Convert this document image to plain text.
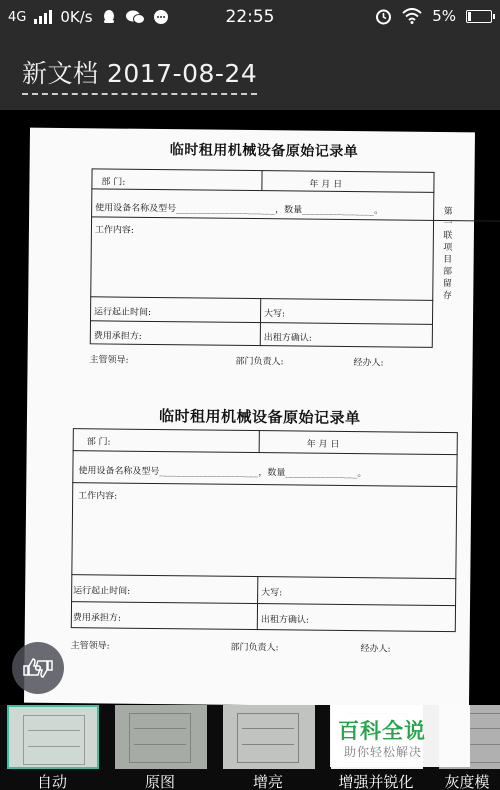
4G 0K/s	22:55	5%
新文档 2017-08-24
临时租用机械设备原始记录单
部 门:	年 月 日
使用设备名称及型号______________________，数量________________。
工作内容:
运行起止时间:	大写:
费用承担方:	出租方确认:
主管领导:	部门负责人:	经办人:
第一联 项目部留存
临时租用机械设备原始记录单
部 门:	年 月 日
使用设备名称及型号______________________，数量________________。
工作内容:
运行起止时间:	大写:
费用承担方:	出租方确认:
主管领导:	部门负责人:	经办人:
自动	原图	增亮	增强并锐化	灰度模
百科全说
助你轻松解决
